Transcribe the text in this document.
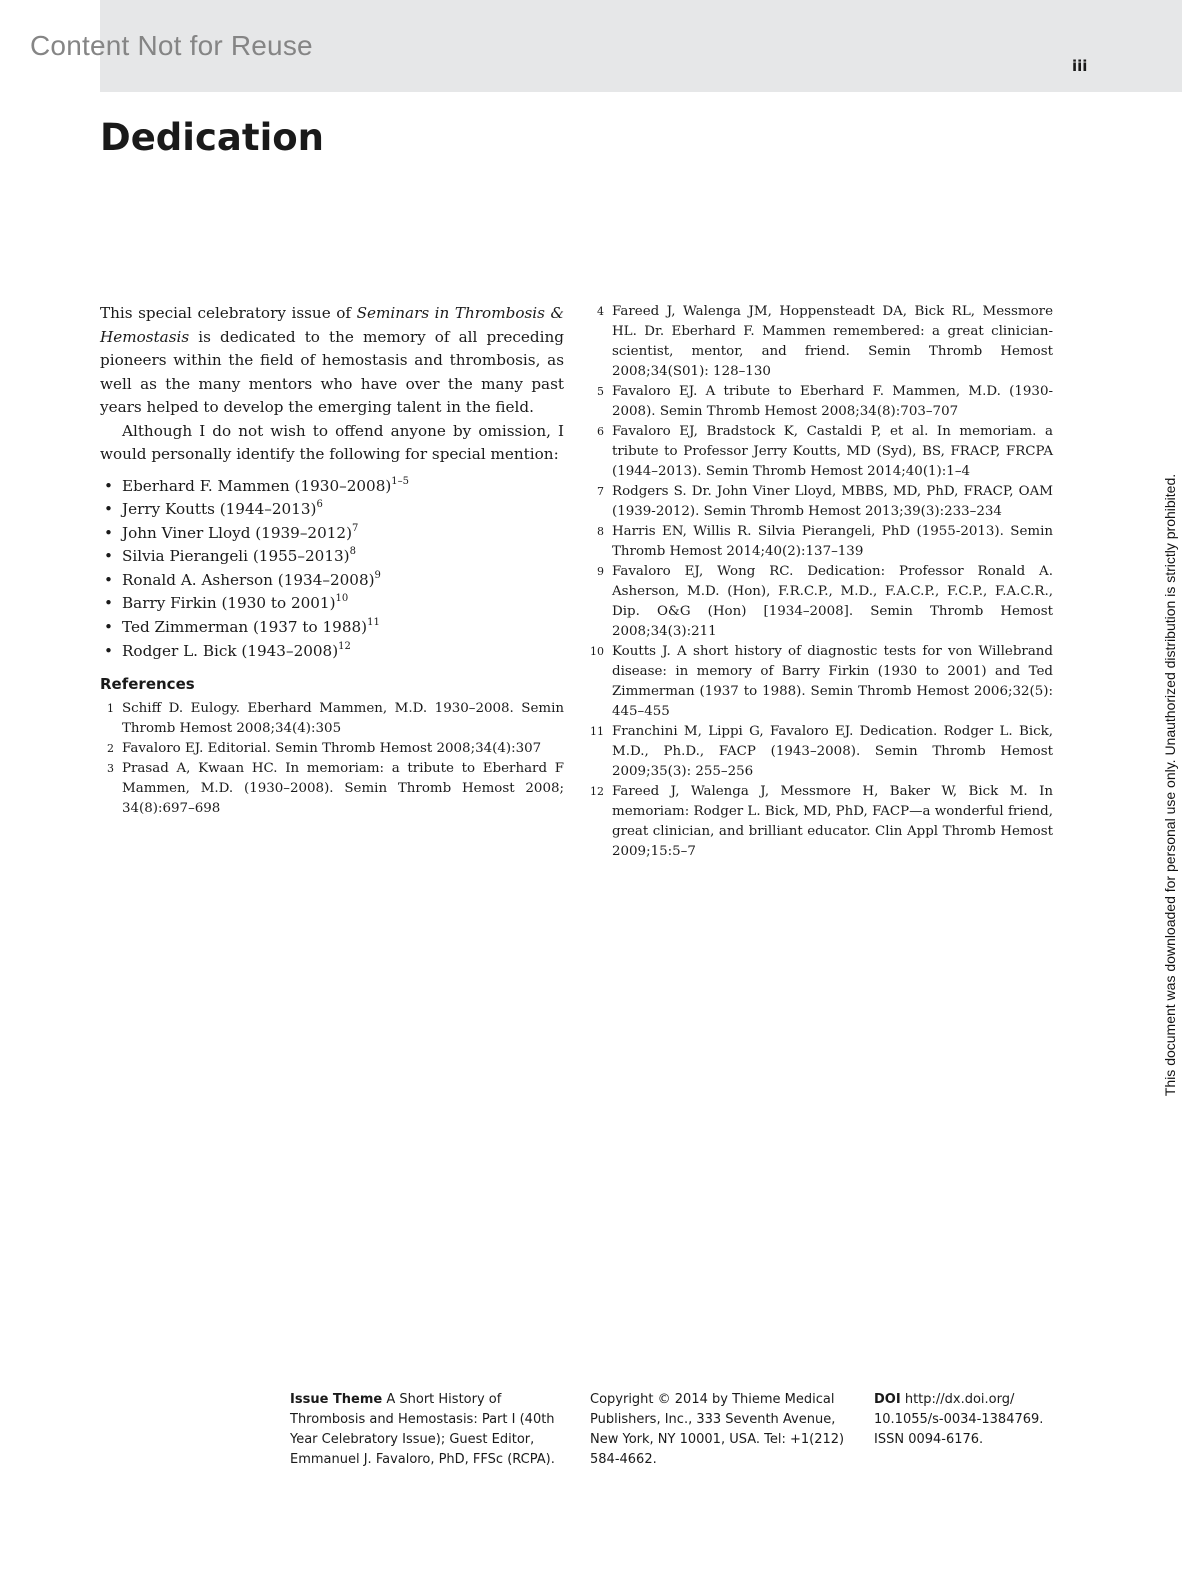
Content Not for Reuse
iii
Dedication

This special celebratory issue of Seminars in Thrombosis & Hemostasis is dedicated to the memory of all preceding pioneers within the field of hemostasis and thrombosis, as well as the many mentors who have over the many past years helped to develop the emerging talent in the field.

Although I do not wish to offend anyone by omission, I would personally identify the following for special mention:

• Eberhard F. Mammen (1930–2008)$^{1-5}$
• Jerry Koutts (1944–2013)$^6$
• John Viner Lloyd (1939–2012)$^7$
• Silvia Pierangeli (1955–2013)$^8$
• Ronald A. Asherson (1934–2008)$^9$
• Barry Firkin (1930 to 2001)$^{10}$
• Ted Zimmerman (1937 to 1988)$^{11}$
• Rodger L. Bick (1943–2008)$^{12}$
References
1 Schiff D. Eulogy. Eberhard Mammen, M.D. 1930–2008. Semin Thromb Hemost 2008;34(4):305
2 Favaloro EJ. Editorial. Semin Thromb Hemost 2008;34(4):307
3 Prasad A, Kwaan HC. In memoriam: a tribute to Eberhard F Mammen, M.D. (1930–2008). Semin Thromb Hemost 2008; 34(8):697–698
4 Fareed J, Walenga JM, Hoppensteadt DA, Bick RL, Messmore HL. Dr. Eberhard F. Mammen remembered: a great clinician-scientist, mentor, and friend. Semin Thromb Hemost 2008;34(S01): 128–130
5 Favaloro EJ. A tribute to Eberhard F. Mammen, M.D. (1930-2008). Semin Thromb Hemost 2008;34(8):703–707
6 Favaloro EJ, Bradstock K, Castaldi P, et al. In memoriam. a tribute to Professor Jerry Koutts, MD (Syd), BS, FRACP, FRCPA (1944–2013). Semin Thromb Hemost 2014;40(1):1–4
7 Rodgers S. Dr. John Viner Lloyd, MBBS, MD, PhD, FRACP, OAM (1939-2012). Semin Thromb Hemost 2013;39(3):233–234
8 Harris EN, Willis R. Silvia Pierangeli, PhD (1955-2013). Semin Thromb Hemost 2014;40(2):137–139
9 Favaloro EJ, Wong RC. Dedication: Professor Ronald A. Asherson, M.D. (Hon), F.R.C.P., M.D., F.A.C.P., F.C.P., F.A.C.R., Dip. O&G (Hon) [1934–2008]. Semin Thromb Hemost 2008;34(3):211
10 Koutts J. A short history of diagnostic tests for von Willebrand disease: in memory of Barry Firkin (1930 to 2001) and Ted Zimmerman (1937 to 1988). Semin Thromb Hemost 2006;32(5): 445–455
11 Franchini M, Lippi G, Favaloro EJ. Dedication. Rodger L. Bick, M.D., Ph.D., FACP (1943–2008). Semin Thromb Hemost 2009;35(3): 255–256
12 Fareed J, Walenga J, Messmore H, Baker W, Bick M. In memoriam: Rodger L. Bick, MD, PhD, FACP—a wonderful friend, great clinician, and brilliant educator. Clin Appl Thromb Hemost 2009;15:5–7
Issue Theme A Short History of Thrombosis and Hemostasis: Part I (40th Year Celebratory Issue); Guest Editor, Emmanuel J. Favaloro, PhD, FFSc (RCPA).
Copyright © 2014 by Thieme Medical Publishers, Inc., 333 Seventh Avenue, New York, NY 10001, USA. Tel: +1(212) 584-4662.
DOI http://dx.doi.org/ 10.1055/s-0034-1384769. ISSN 0094-6176.
This document was downloaded for personal use only. Unauthorized distribution is strictly prohibited.
